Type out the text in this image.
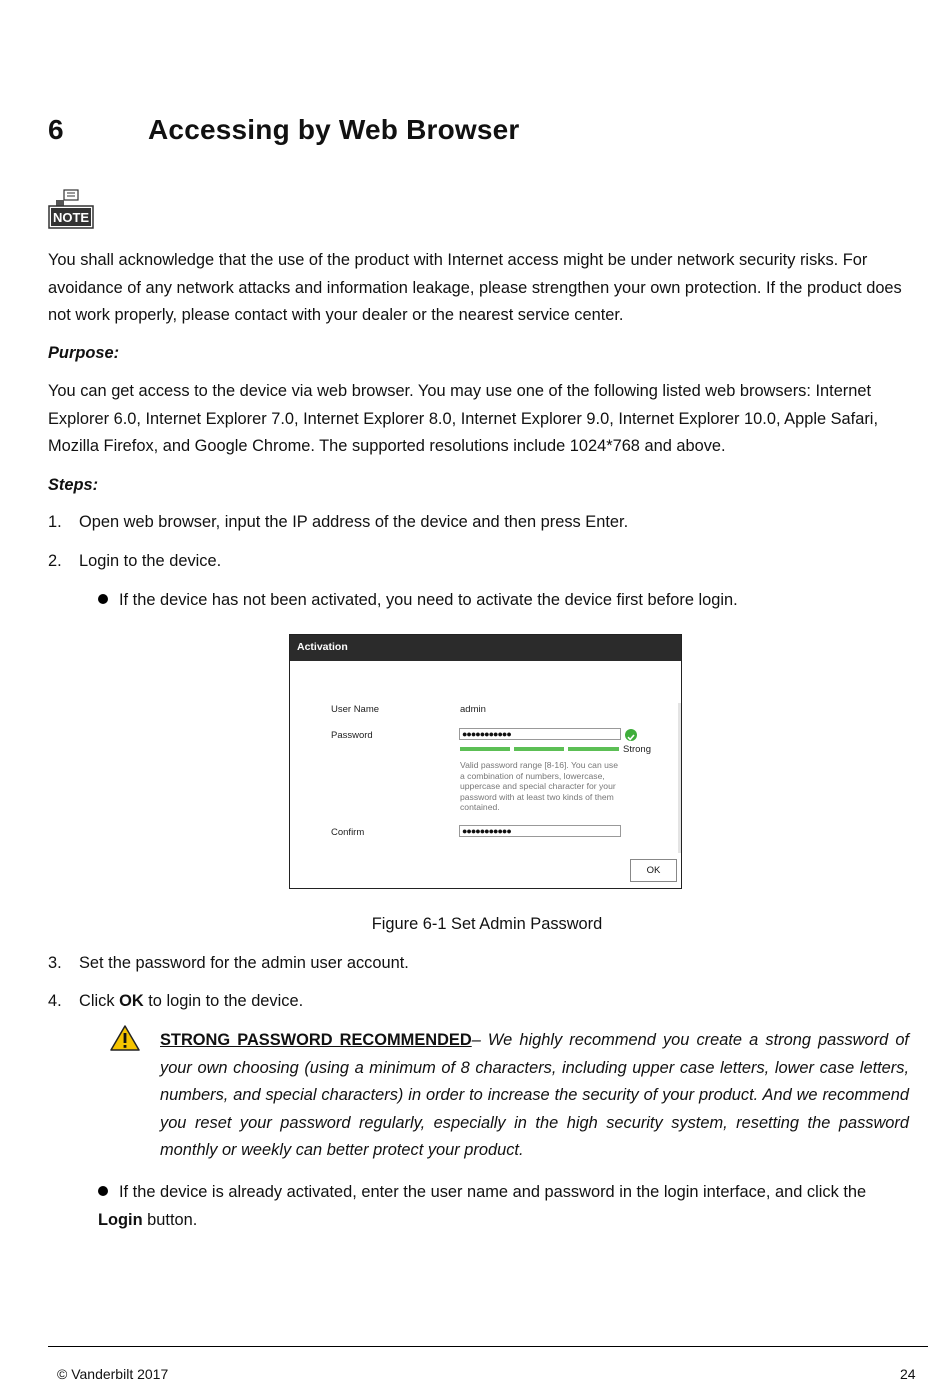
6	Accessing by Web Browser
NOTE

You shall acknowledge that the use of the product with Internet access might be under network security risks. For avoidance of any network attacks and information leakage, please strengthen your own protection. If the product does not work properly, please contact with your dealer or the nearest service center.

Purpose:

You can get access to the device via web browser. You may use one of the following listed web browsers: Internet Explorer 6.0, Internet Explorer 7.0, Internet Explorer 8.0, Internet Explorer 9.0, Internet Explorer 10.0, Apple Safari, Mozilla Firefox, and Google Chrome. The supported resolutions include 1024*768 and above.

Steps:
1. Open web browser, input the IP address of the device and then press Enter.
2. Login to the device.
If the device has not been activated, you need to activate the device first before login.
Activation
User Name	admin
Password	●●●●●●●●●●●
Strong
Valid password range [8-16]. You can use a combination of numbers, lowercase, uppercase and special character for your password with at least two kinds of them contained.
Confirm	●●●●●●●●●●●
OK
Figure 6-1 Set Admin Password
3. Set the password for the admin user account.
4. Click OK to login to the device.
STRONG PASSWORD RECOMMENDED– We highly recommend you create a strong password of your own choosing (using a minimum of 8 characters, including upper case letters, lower case letters, numbers, and special characters) in order to increase the security of your product. And we recommend you reset your password regularly, especially in the high security system, resetting the password monthly or weekly can better protect your product.
If the device is already activated, enter the user name and password in the login interface, and click the
Login button.
© Vanderbilt 2017	24
